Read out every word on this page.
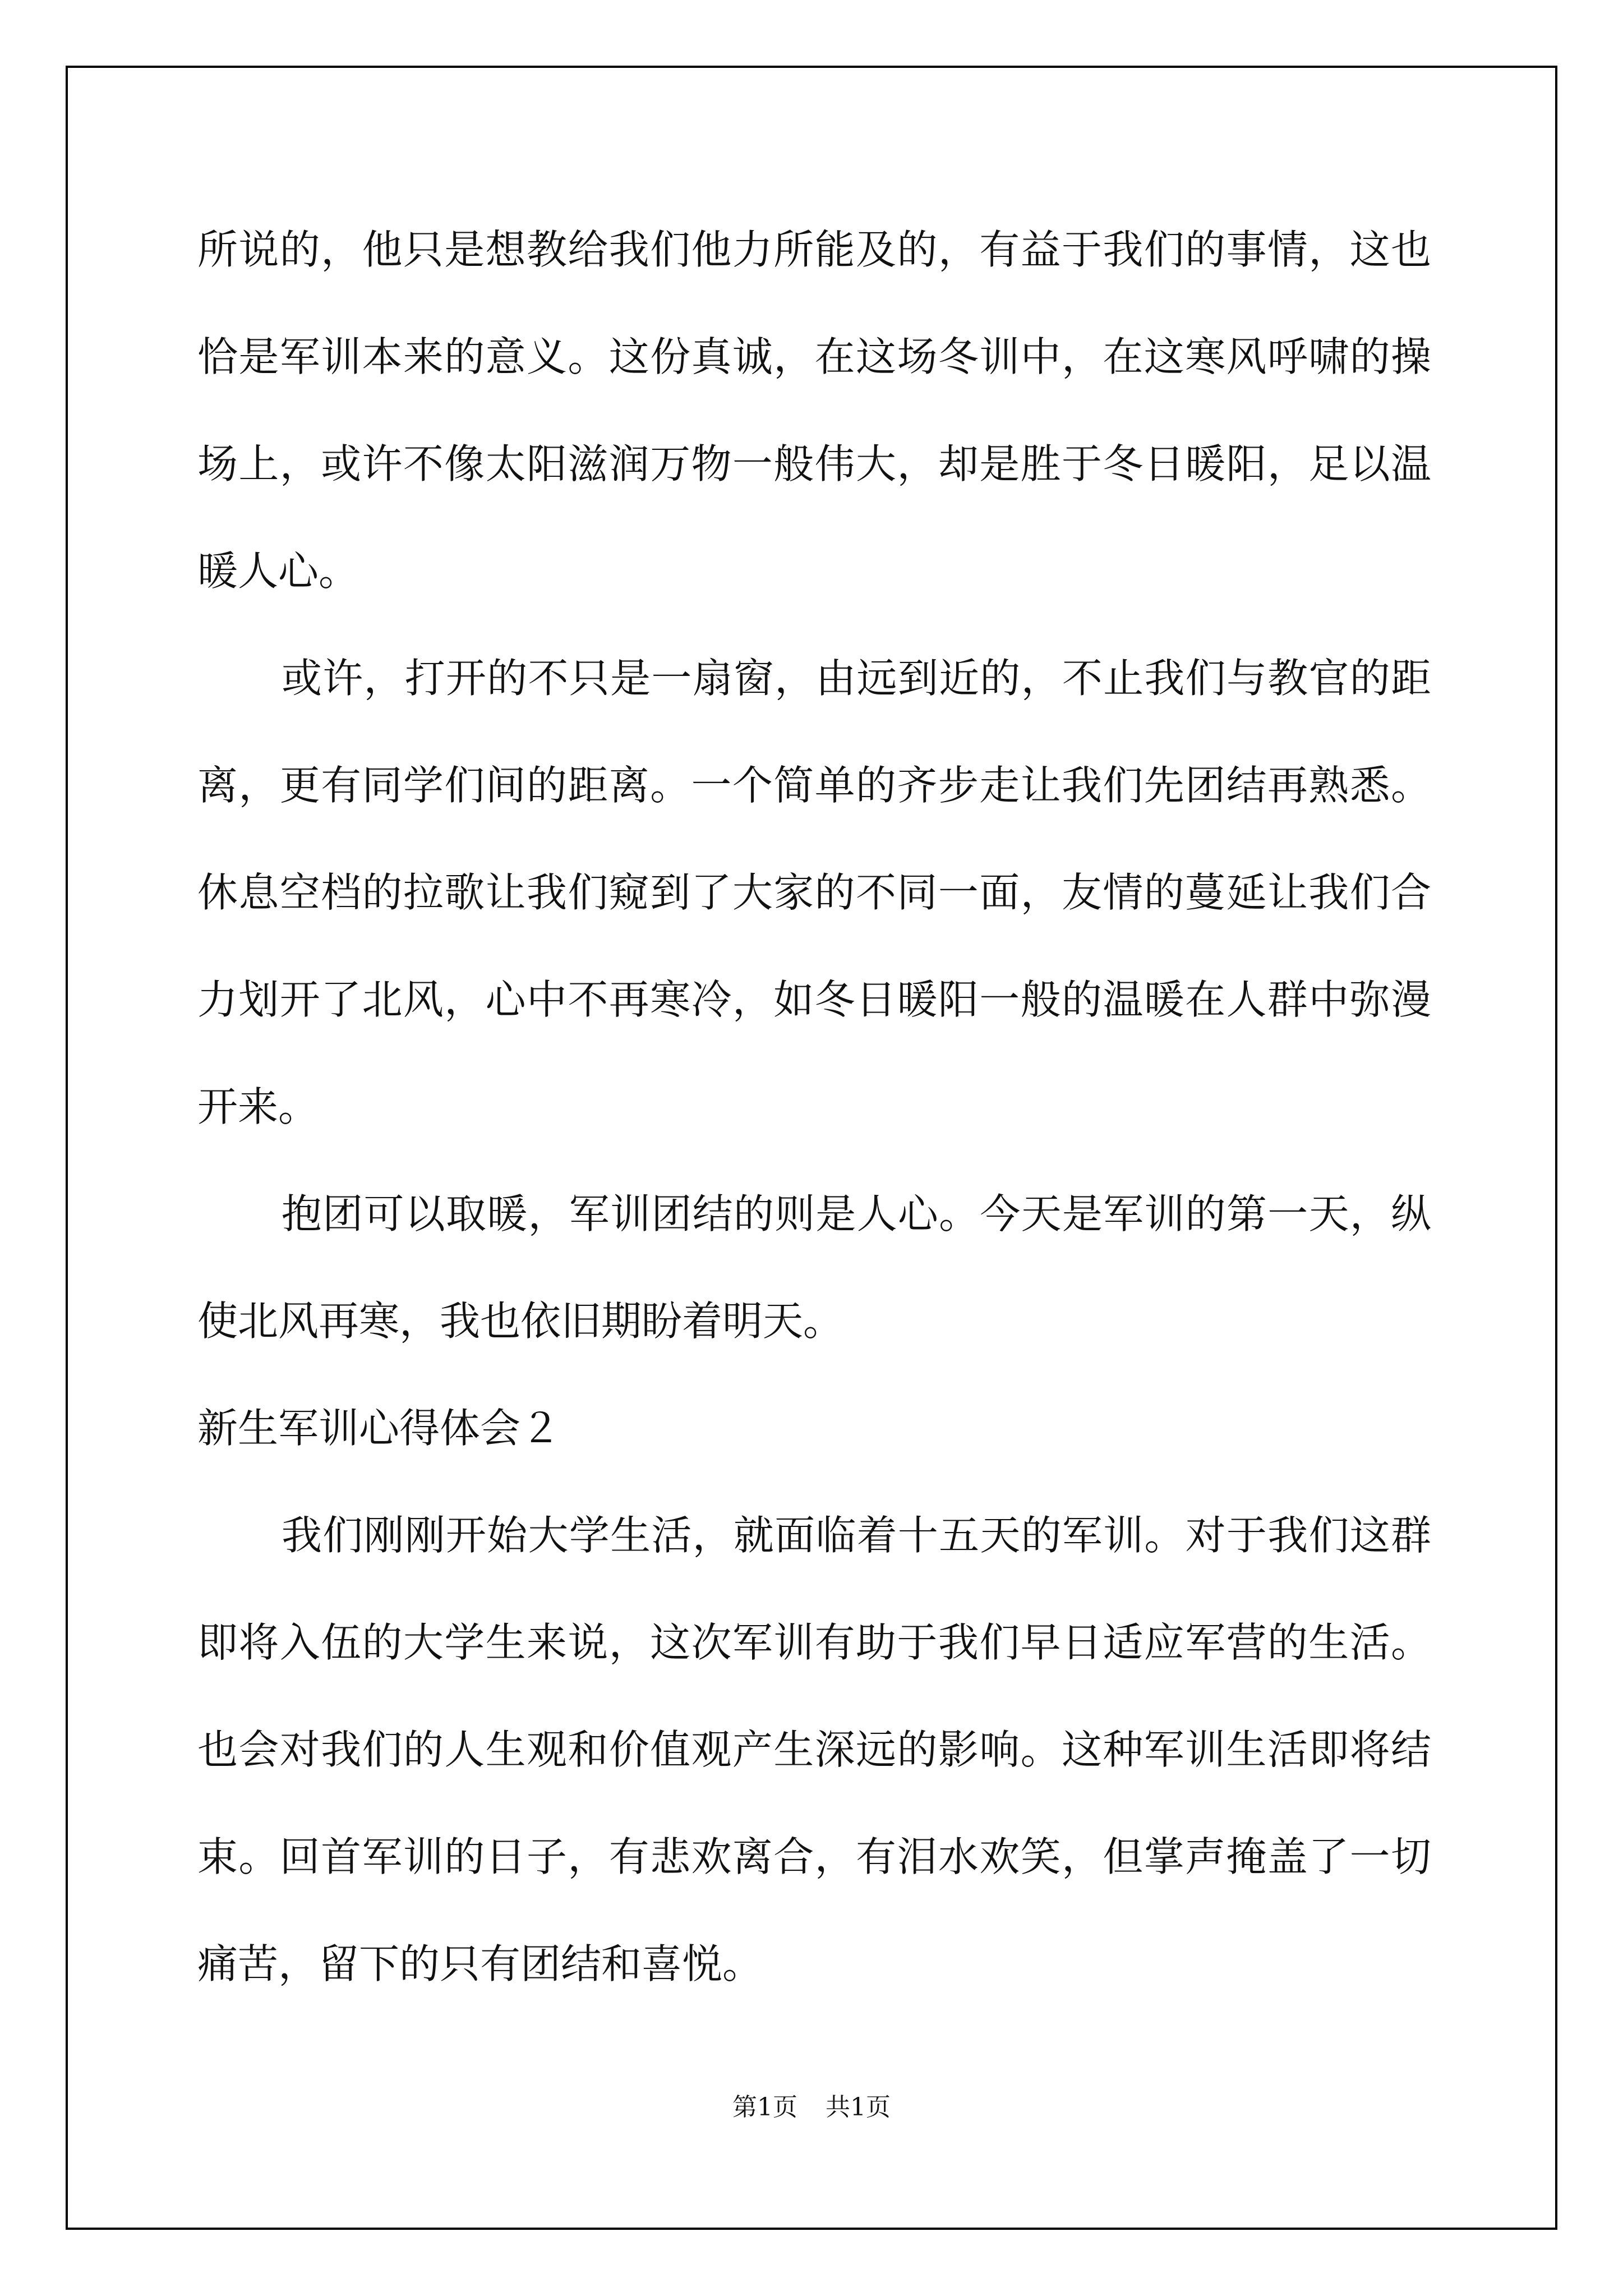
所说的，他只是想教给我们他力所能及的，有益于我们的事情，这也恰是军训本来的意义。这份真诚，在这场冬训中，在这寒风呼啸的操场上，或许不像太阳滋润万物一般伟大，却是胜于冬日暖阳，足以温暖人心。

或许，打开的不只是一扇窗，由远到近的，不止我们与教官的距离，更有同学们间的距离。一个简单的齐步走让我们先团结再熟悉。休息空档的拉歌让我们窥到了大家的不同一面，友情的蔓延让我们合力划开了北风，心中不再寒冷，如冬日暖阳一般的温暖在人群中弥漫开来。

抱团可以取暖，军训团结的则是人心。今天是军训的第一天，纵使北风再寒，我也依旧期盼着明天。

新生军训心得体会２

我们刚刚开始大学生活，就面临着十五天的军训。对于我们这群即将入伍的大学生来说，这次军训有助于我们早日适应军营的生活。也会对我们的人生观和价值观产生深远的影响。这种军训生活即将结束。回首军训的日子，有悲欢离合，有泪水欢笑，但掌声掩盖了一切痛苦，留下的只有团结和喜悦。

第1页 共1页
